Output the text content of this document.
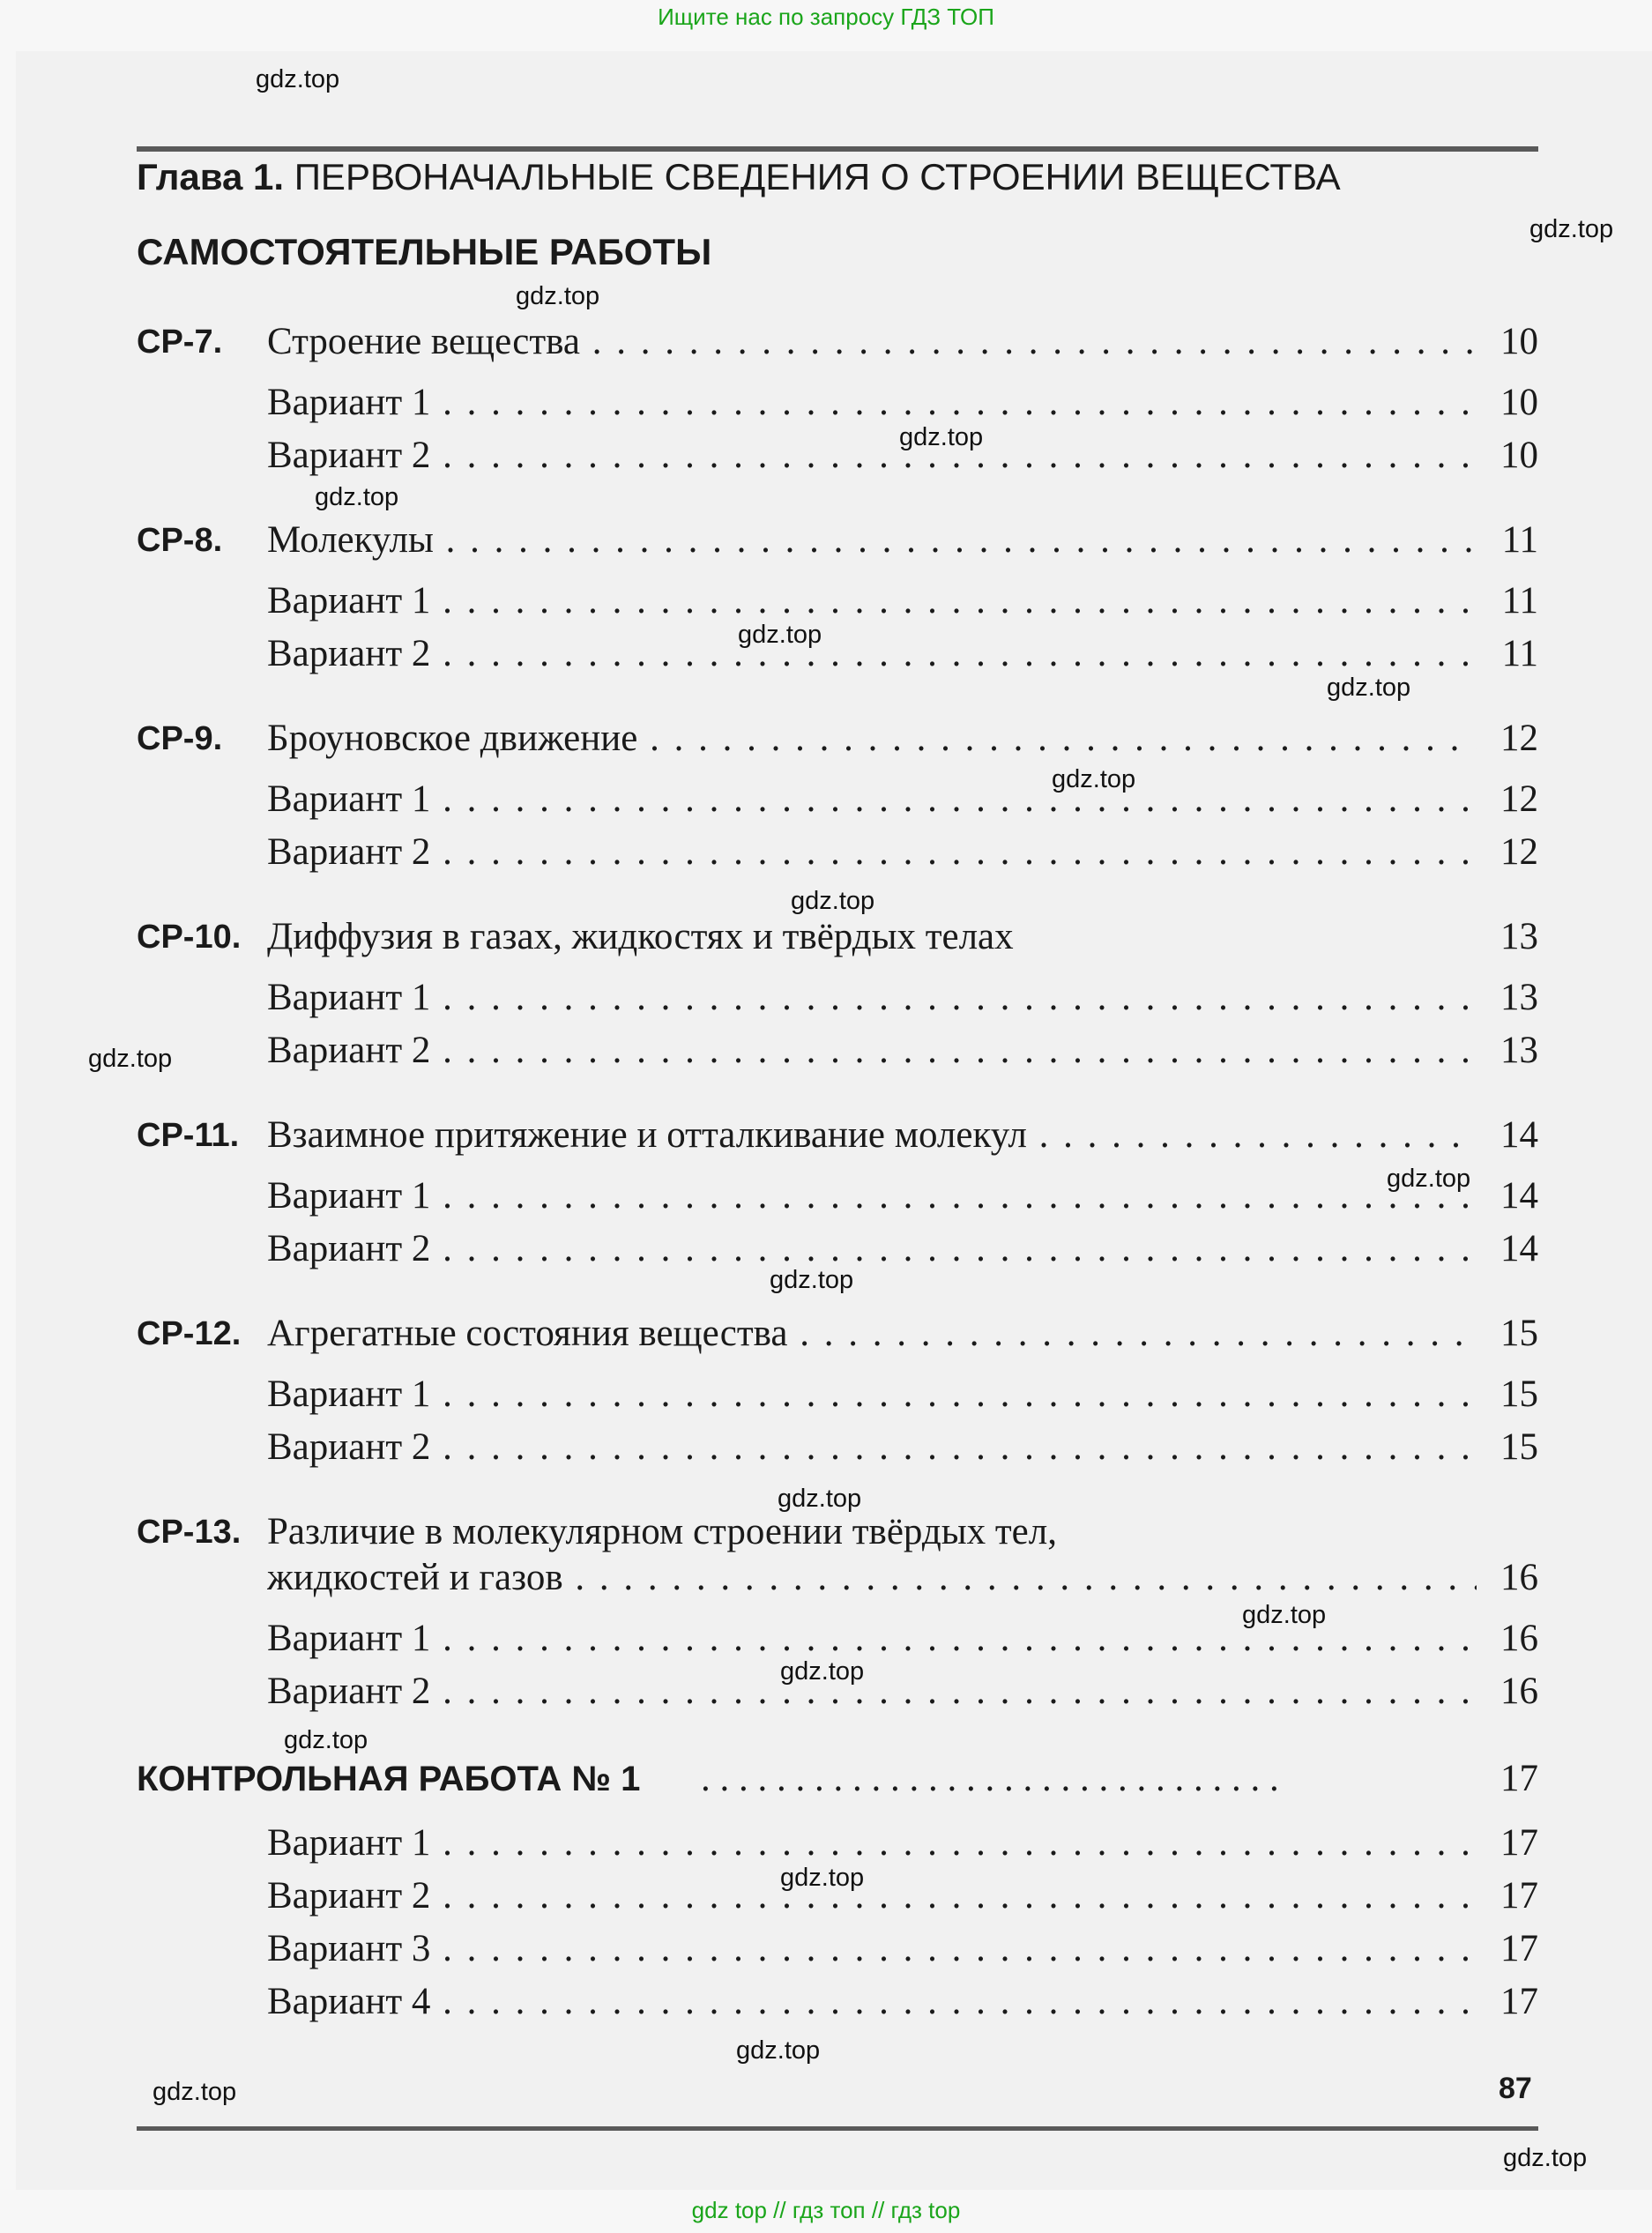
Ищите нас по запросу ГДЗ ТОП
Глава 1. ПЕРВОНАЧАЛЬНЫЕ СВЕДЕНИЯ О СТРОЕНИИ ВЕЩЕСТВА
САМОСТОЯТЕЛЬНЫЕ РАБОТЫ
СР-7. Строение вещества . . .	10
Вариант 1 . . .	10
Вариант 2 . . .	10
СР-8. Молекулы . . .	11
Вариант 1 . . .	11
Вариант 2 . . .	11
СР-9. Броуновское движение . . .	12
Вариант 1 . . .	12
Вариант 2 . . .	12
СР-10. Диффузия в газах, жидкостях и твёрдых телах	13
Вариант 1 . . .	13
Вариант 2 . . .	13
СР-11. Взаимное притяжение и отталкивание молекул . . .	14
Вариант 1 . . .	14
Вариант 2 . . .	14
СР-12. Агрегатные состояния вещества . . .	15
Вариант 1 . . .	15
Вариант 2 . . .	15
СР-13. Различие в молекулярном строении твёрдых тел,
жидкостей и газов . . .	16
Вариант 1 . . .	16
Вариант 2 . . .	16
КОНТРОЛЬНАЯ РАБОТА № 1 . . . . . . . . . . . . . . . . . . . . . . . . . . . . . . .	17
Вариант 1 . . .	17
Вариант 2 . . .	17
Вариант 3 . . .	17
Вариант 4 . . .	17
87
gdz.top
gdz.top
gdz.top
gdz.top
gdz.top
gdz.top
gdz.top
gdz.top
gdz.top
gdz.top
gdz.top
gdz.top
gdz.top
gdz.top
gdz.top
gdz.top
gdz.top
gdz.top
gdz.top
gdz.top
gdz top // гдз топ // гдз top
